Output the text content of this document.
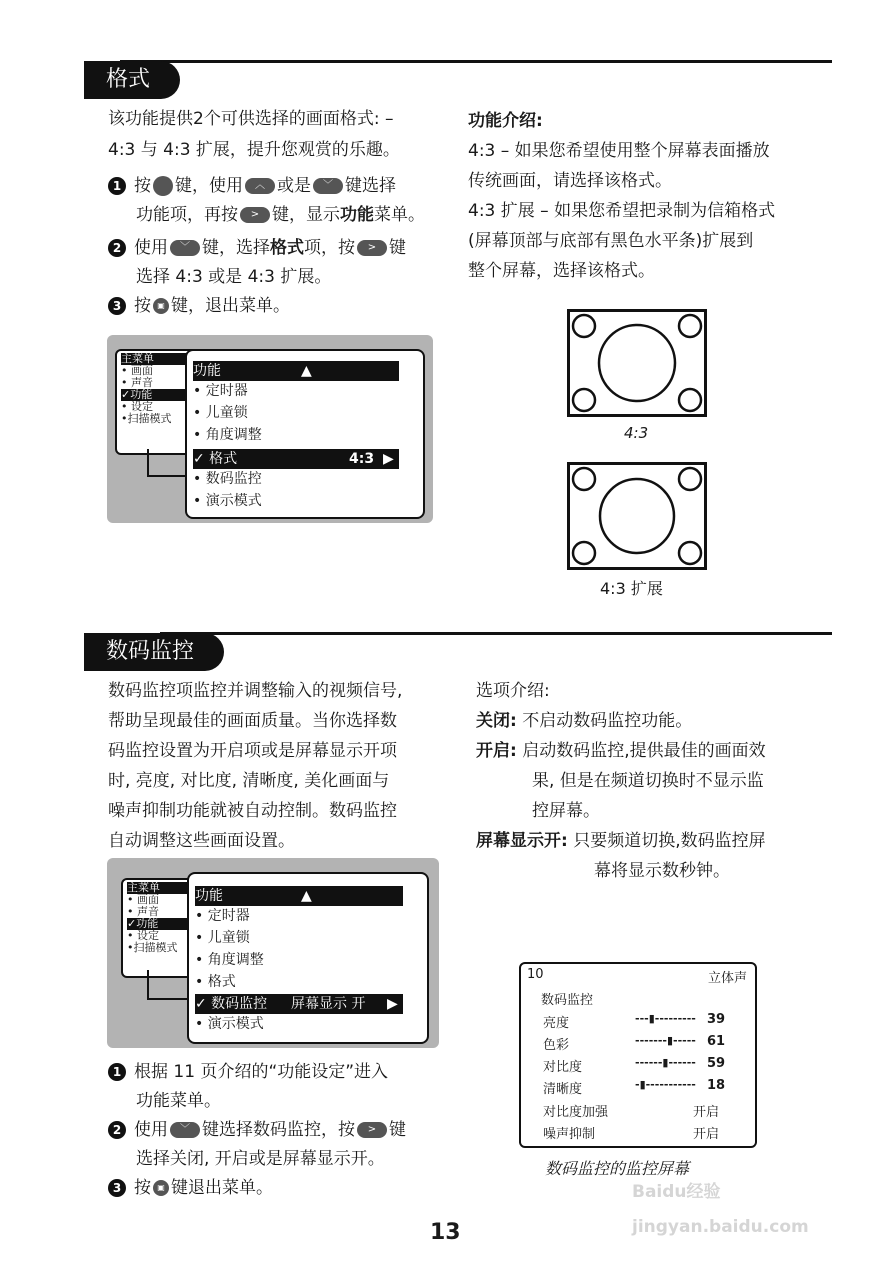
格式
该功能提供2个可供选择的画面格式: –
4:3 与 4:3 扩展，提升您观赏的乐趣。
1 按 键，使用 ︿ 或是 ﹀ 键选择
功能项，再按 > 键，显示功能菜单。
2 使用 ﹀ 键，选择格式项，按 > 键
选择 4:3 或是 4:3 扩展。
3 按 ▣ 键，退出菜单。
主菜单
• 画面
• 声音
✓功能
• 设定
•扫描模式
功能	▲
• 定时器
• 儿童锁
• 角度调整
✓ 格式	4:3 ▶
• 数码监控
• 演示模式
功能介绍:
4:3 – 如果您希望使用整个屏幕表面播放
传统画面，请选择该格式。
4:3 扩展 – 如果您希望把录制为信箱格式
(屏幕顶部与底部有黑色水平条)扩展到
整个屏幕，选择该格式。
4:3
4:3 扩展
数码监控
数码监控项监控并调整输入的视频信号,
帮助呈现最佳的画面质量。当你选择数
码监控设置为开启项或是屏幕显示开项
时, 亮度, 对比度, 清晰度, 美化画面与
噪声抑制功能就被自动控制。数码监控
自动调整这些画面设置。
主菜单
• 画面
• 声音
✓功能
• 设定
•扫描模式
功能	▲
• 定时器
• 儿童锁
• 角度调整
• 格式
✓ 数码监控 屏幕显示 开 ▶
• 演示模式
1 根据 11 页介绍的“功能设定”进入
功能菜单。
2 使用 ﹀ 键选择数码监控，按 > 键
选择关闭, 开启或是屏幕显示开。
3 按 ▣ 键退出菜单。
选项介绍:
关闭: 不启动数码监控功能。
开启: 启动数码监控,提供最佳的画面效
果, 但是在频道切换时不显示监
控屏幕。
屏幕显示开: 只要频道切换,数码监控屏
幕将显示数秒钟。
10	立体声
数码监控
亮度	---▮--------- 39
色彩	-------▮----- 61
对比度	------▮------ 59
清晰度	-▮----------- 18
对比度加强	开启
噪声抑制	开启
数码监控的监控屏幕
13
Baidu经验 jingyan.baidu.com
